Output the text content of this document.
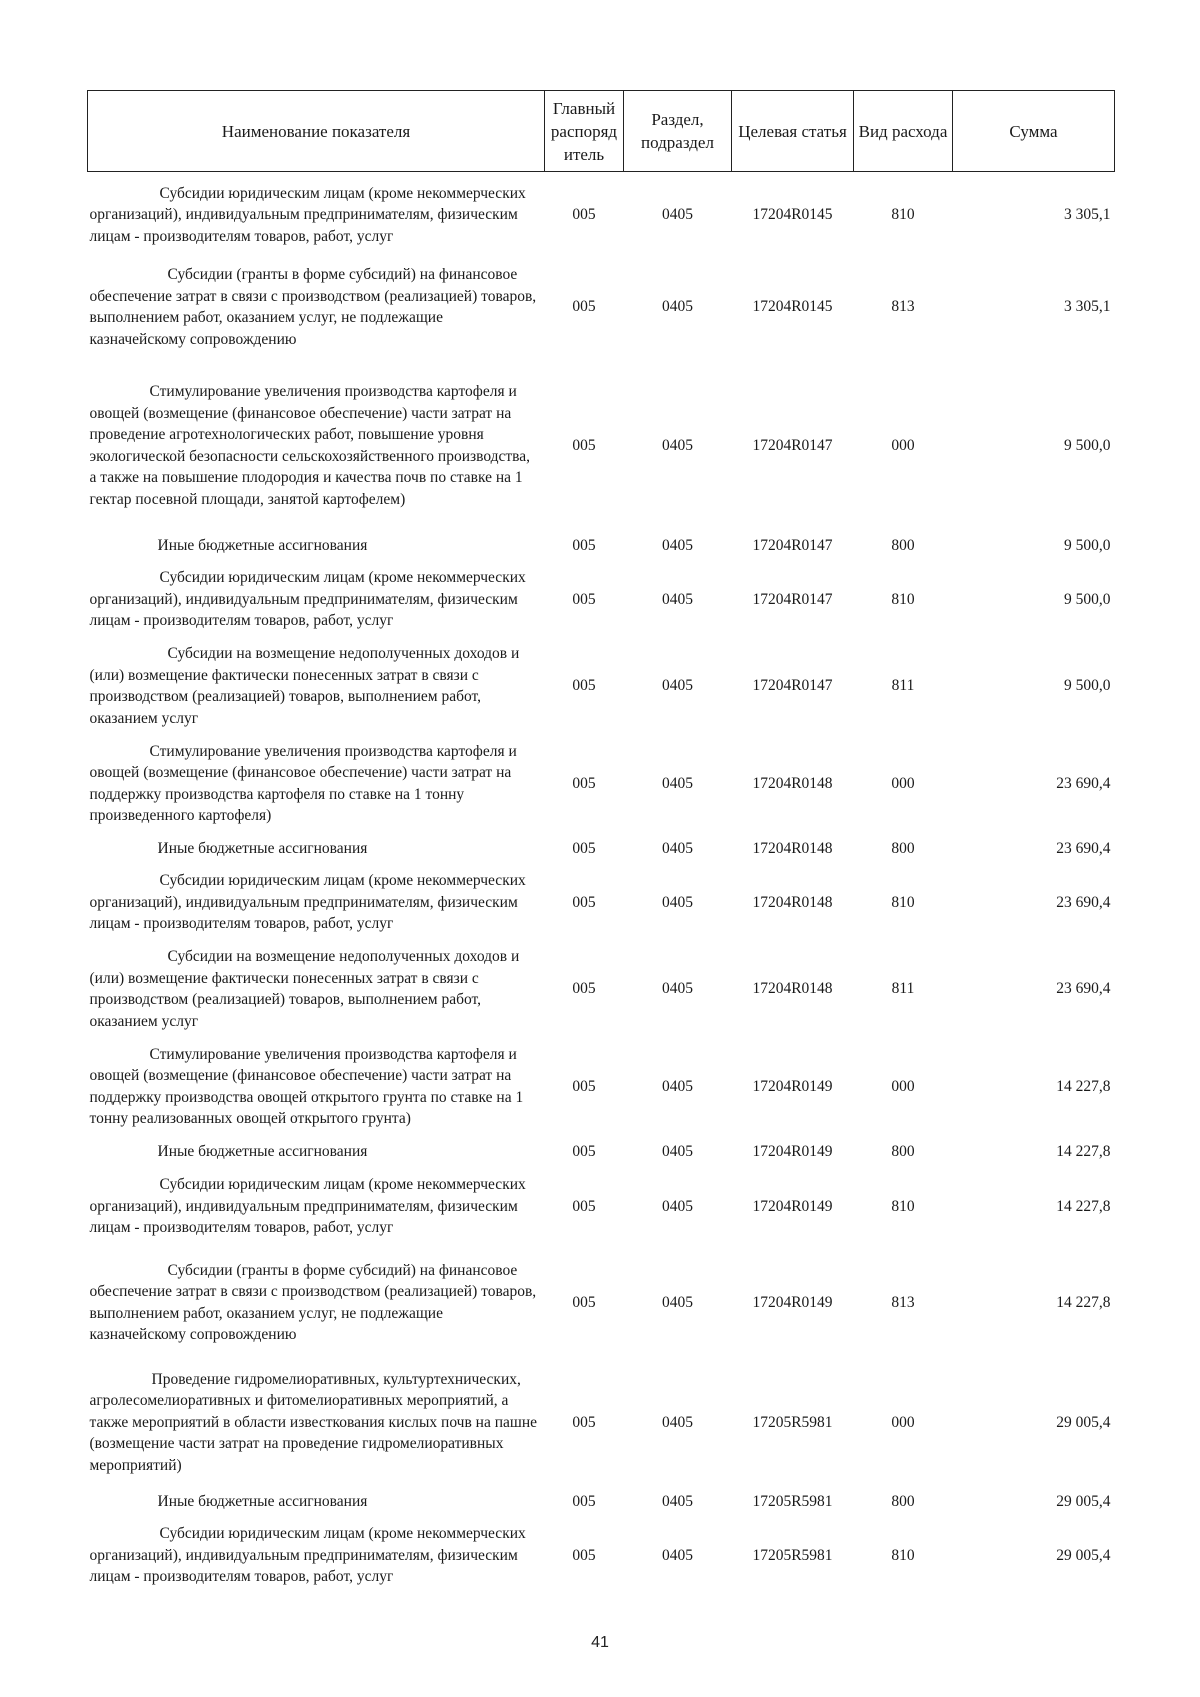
Наименование показателя	Главный распоряд итель	Раздел, подраздел	Целевая статья	Вид расхода	Сумма
Субсидии юридическим лицам (кроме некоммерческих организаций), индивидуальным предпринимателям, физическим лицам - производителям товаров, работ, услуг	005	0405	17204R0145	810	3 305,1
Субсидии (гранты в форме субсидий) на финансовое обеспечение затрат в связи с производством (реализацией) товаров, выполнением работ, оказанием услуг, не подлежащие казначейскому сопровождению	005	0405	17204R0145	813	3 305,1
Стимулирование увеличения производства картофеля и овощей (возмещение (финансовое обеспечение) части затрат на проведение агротехнологических работ, повышение уровня экологической безопасности сельскохозяйственного производства, а также на повышение плодородия и качества почв по ставке на 1 гектар посевной площади, занятой картофелем)	005	0405	17204R0147	000	9 500,0
Иные бюджетные ассигнования	005	0405	17204R0147	800	9 500,0
Субсидии юридическим лицам (кроме некоммерческих организаций), индивидуальным предпринимателям, физическим лицам - производителям товаров, работ, услуг	005	0405	17204R0147	810	9 500,0
Субсидии на возмещение недополученных доходов и (или) возмещение фактически понесенных затрат в связи с производством (реализацией) товаров, выполнением работ, оказанием услуг	005	0405	17204R0147	811	9 500,0
Стимулирование увеличения производства картофеля и овощей (возмещение (финансовое обеспечение) части затрат на поддержку производства картофеля по ставке на 1 тонну произведенного картофеля)	005	0405	17204R0148	000	23 690,4
Иные бюджетные ассигнования	005	0405	17204R0148	800	23 690,4
Субсидии юридическим лицам (кроме некоммерческих организаций), индивидуальным предпринимателям, физическим лицам - производителям товаров, работ, услуг	005	0405	17204R0148	810	23 690,4
Субсидии на возмещение недополученных доходов и (или) возмещение фактически понесенных затрат в связи с производством (реализацией) товаров, выполнением работ, оказанием услуг	005	0405	17204R0148	811	23 690,4
Стимулирование увеличения производства картофеля и овощей (возмещение (финансовое обеспечение) части затрат на поддержку производства овощей открытого грунта по ставке на 1 тонну реализованных овощей открытого грунта)	005	0405	17204R0149	000	14 227,8
Иные бюджетные ассигнования	005	0405	17204R0149	800	14 227,8
Субсидии юридическим лицам (кроме некоммерческих организаций), индивидуальным предпринимателям, физическим лицам - производителям товаров, работ, услуг	005	0405	17204R0149	810	14 227,8
Субсидии (гранты в форме субсидий) на финансовое обеспечение затрат в связи с производством (реализацией) товаров, выполнением работ, оказанием услуг, не подлежащие казначейскому сопровождению	005	0405	17204R0149	813	14 227,8
Проведение гидромелиоративных, культуртехнических, агролесомелиоративных и фитомелиоративных мероприятий, а также мероприятий в области известкования кислых почв на пашне (возмещение части затрат на проведение гидромелиоративных мероприятий)	005	0405	17205R5981	000	29 005,4
Иные бюджетные ассигнования	005	0405	17205R5981	800	29 005,4
Субсидии юридическим лицам (кроме некоммерческих организаций), индивидуальным предпринимателям, физическим лицам - производителям товаров, работ, услуг	005	0405	17205R5981	810	29 005,4
41
